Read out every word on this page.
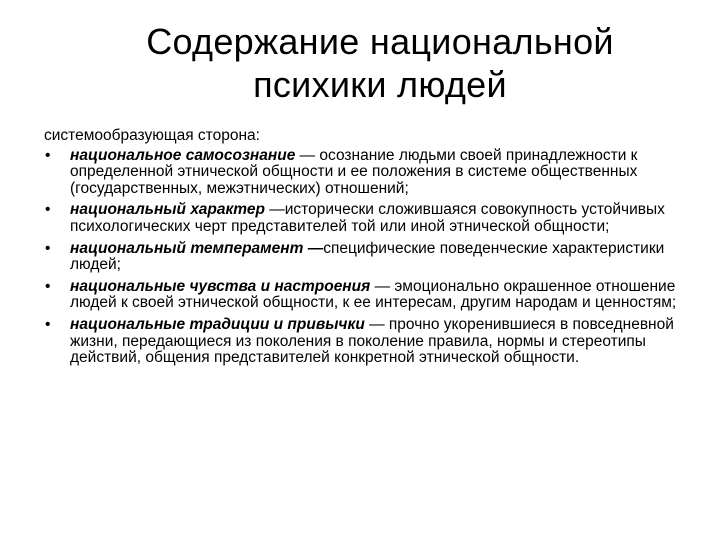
Содержание национальной
психики людей

системообразующая сторона:

• национальное самосознание — осознание людьми своей принадлежности к определенной этнической общности и ее положения в системе общественных (государственных, межэтнических) отношений;
• национальный характер —исторически сложившаяся совокупность устойчивых психологических черт представителей той или иной этнической общности;
• национальный темперамент —специфические поведенческие характеристики людей;
• национальные чувства и настроения — эмоционально окрашенное отношение людей к своей этнической общности, к ее интересам, другим народам и ценностям;
• национальные традиции и привычки — прочно укоренившиеся в повседневной жизни, передающиеся из поколения в поколение правила, нормы и стереотипы действий, общения представителей конкретной этнической общности.
